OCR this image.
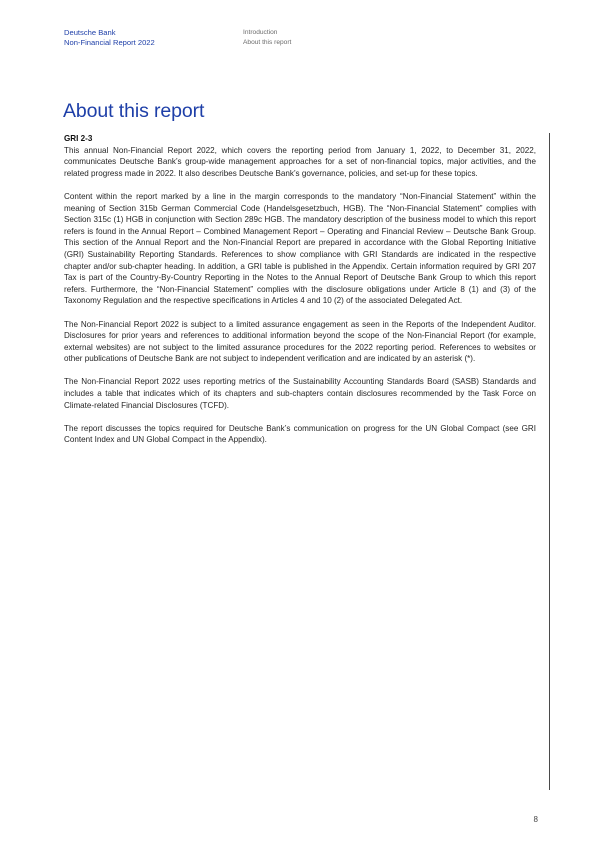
Deutsche Bank
Non-Financial Report 2022
Introduction
About this report
About this report

GRI 2-3

This annual Non-Financial Report 2022, which covers the reporting period from January 1, 2022, to December 31, 2022, communicates Deutsche Bank’s group-wide management approaches for a set of non-financial topics, major activities, and the related progress made in 2022. It also describes Deutsche Bank’s governance, policies, and set-up for these topics.

Content within the report marked by a line in the margin corresponds to the mandatory “Non-Financial Statement” within the meaning of Section 315b German Commercial Code (Handelsgesetzbuch, HGB). The “Non-Financial Statement” complies with Section 315c (1) HGB in conjunction with Section 289c HGB. The mandatory description of the business model to which this report refers is found in the Annual Report – Combined Management Report – Operating and Financial Review – Deutsche Bank Group. This section of the Annual Report and the Non-Financial Report are prepared in accordance with the Global Reporting Initiative (GRI) Sustainability Reporting Standards. References to show compliance with GRI Standards are indicated in the respective chapter and/or sub-chapter heading. In addition, a GRI table is published in the Appendix. Certain information required by GRI 207 Tax is part of the Country-By-Country Reporting in the Notes to the Annual Report of Deutsche Bank Group to which this report refers. Furthermore, the “Non-Financial Statement” complies with the disclosure obligations under Article 8 (1) and (3) of the Taxonomy Regulation and the respective specifications in Articles 4 and 10 (2) of the associated Delegated Act.

The Non-Financial Report 2022 is subject to a limited assurance engagement as seen in the Reports of the Independent Auditor. Disclosures for prior years and references to additional information beyond the scope of the Non-Financial Report (for example, external websites) are not subject to the limited assurance procedures for the 2022 reporting period. References to websites or other publications of Deutsche Bank are not subject to independent verification and are indicated by an asterisk (*).

The Non-Financial Report 2022 uses reporting metrics of the Sustainability Accounting Standards Board (SASB) Standards and includes a table that indicates which of its chapters and sub-chapters contain disclosures recommended by the Task Force on Climate-related Financial Disclosures (TCFD).

The report discusses the topics required for Deutsche Bank’s communication on progress for the UN Global Compact (see GRI Content Index and UN Global Compact in the Appendix).

8
